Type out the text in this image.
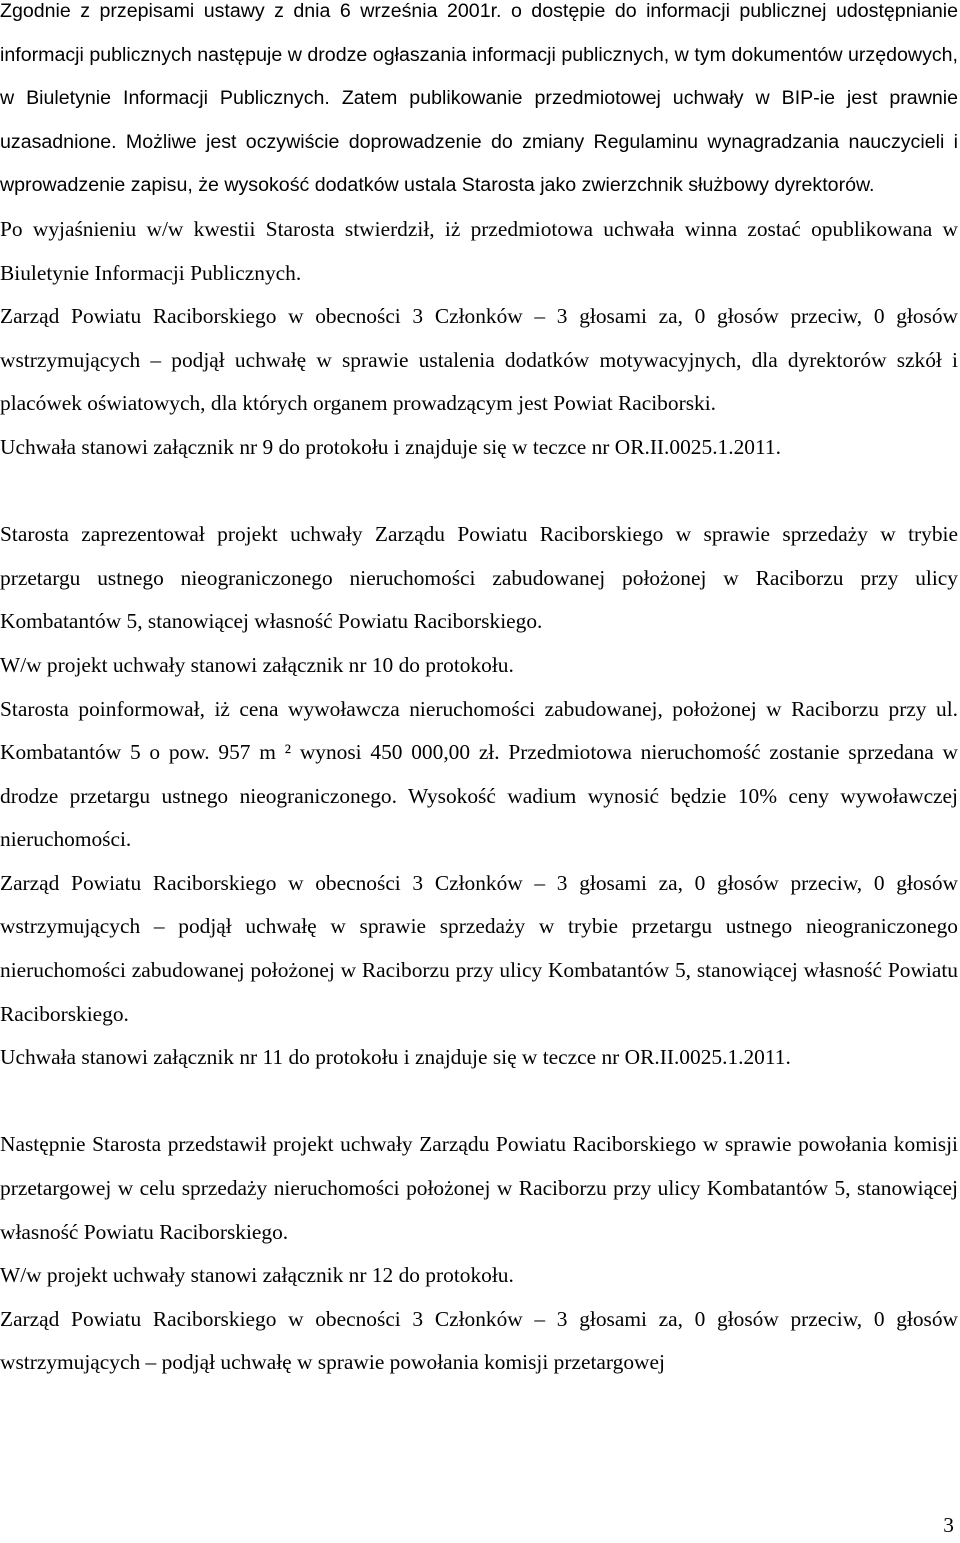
Zgodnie z przepisami ustawy z dnia 6 września 2001r. o dostępie do informacji publicznej udostępnianie informacji publicznych następuje w drodze ogłaszania informacji publicznych, w tym dokumentów urzędowych, w Biuletynie Informacji Publicznych. Zatem publikowanie przedmiotowej uchwały w BIP-ie jest prawnie uzasadnione. Możliwe jest oczywiście doprowadzenie do zmiany Regulaminu wynagradzania nauczycieli i wprowadzenie zapisu, że wysokość dodatków ustala Starosta jako zwierzchnik służbowy dyrektorów.

Po wyjaśnieniu w/w kwestii Starosta stwierdził, iż przedmiotowa uchwała winna zostać opublikowana w Biuletynie Informacji Publicznych.

Zarząd Powiatu Raciborskiego w obecności 3 Członków – 3 głosami za, 0 głosów przeciw, 0 głosów wstrzymujących – podjął uchwałę w sprawie ustalenia dodatków motywacyjnych, dla dyrektorów szkół i placówek oświatowych, dla których organem prowadzącym jest Powiat Raciborski.

Uchwała stanowi załącznik nr 9 do protokołu i znajduje się w teczce nr OR.II.0025.1.2011.

Starosta zaprezentował projekt uchwały Zarządu Powiatu Raciborskiego w sprawie sprzedaży w trybie przetargu ustnego nieograniczonego nieruchomości zabudowanej położonej w Raciborzu przy ulicy Kombatantów 5, stanowiącej własność Powiatu Raciborskiego.

W/w projekt uchwały stanowi załącznik nr 10 do protokołu.

Starosta poinformował, iż cena wywoławcza nieruchomości zabudowanej, położonej w Raciborzu przy ul. Kombatantów 5 o pow. 957 m ² wynosi 450 000,00 zł. Przedmiotowa nieruchomość zostanie sprzedana w drodze przetargu ustnego nieograniczonego. Wysokość wadium wynosić będzie 10% ceny wywoławczej nieruchomości.

Zarząd Powiatu Raciborskiego w obecności 3 Członków – 3 głosami za, 0 głosów przeciw, 0 głosów wstrzymujących – podjął uchwałę w sprawie sprzedaży w trybie przetargu ustnego nieograniczonego nieruchomości zabudowanej położonej w Raciborzu przy ulicy Kombatantów 5, stanowiącej własność Powiatu Raciborskiego.

Uchwała stanowi załącznik nr 11 do protokołu i znajduje się w teczce nr OR.II.0025.1.2011.

Następnie Starosta przedstawił projekt uchwały Zarządu Powiatu Raciborskiego w sprawie powołania komisji przetargowej w celu sprzedaży nieruchomości położonej w Raciborzu przy ulicy Kombatantów 5, stanowiącej własność Powiatu Raciborskiego.

W/w projekt uchwały stanowi załącznik nr 12 do protokołu.

Zarząd Powiatu Raciborskiego w obecności 3 Członków – 3 głosami za, 0 głosów przeciw, 0 głosów wstrzymujących – podjął uchwałę w sprawie powołania komisji przetargowej

3
